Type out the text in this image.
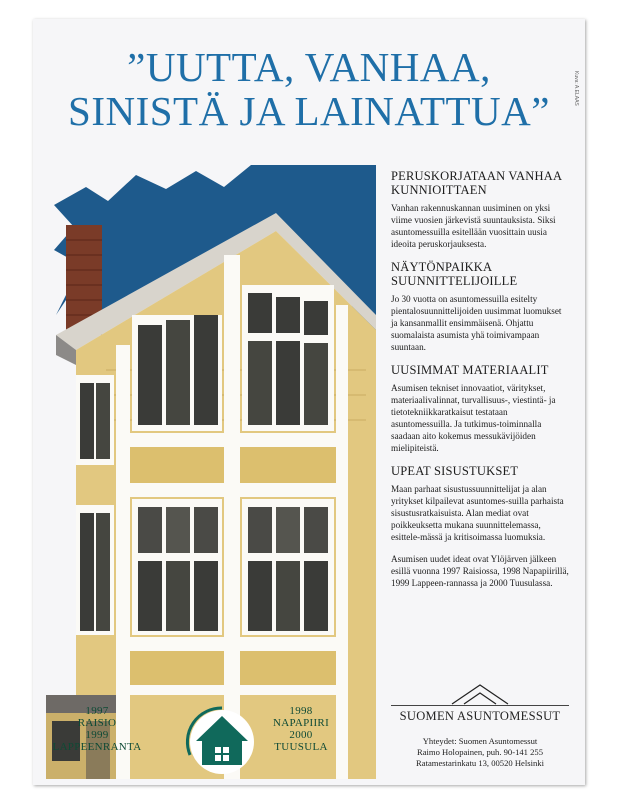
Kuva: A.ELAAS
”UUTTA, VANHAA,
SINISTÄ JA LAINATTUA”
1997
RAISIO
1999
LAPPEENRANTA
1998
NAPAPIIRI
2000
TUUSULA
PERUSKORJATAAN VANHAA KUNNIOITTAEN
Vanhan rakennuskannan uusiminen on yksi viime vuosien järkevistä suuntauksista. Siksi asuntomessuilla esitellään vuosittain uusia ideoita peruskorjauksesta.
NÄYTÖNPAIKKA SUUNNITTELIJOILLE
Jo 30 vuotta on asuntomessuilla esitelty pientalosuunnittelijoiden uusimmat luomukset ja kansanmallit ensimmäisenä. Ohjattu suomalaista asumista yhä toimivampaan suuntaan.
UUSIMMAT MATERIAALIT
Asumisen tekniset innovaatiot, väritykset, materiaalivalinnat, turvallisuus-, viestintä- ja tietotekniikkaratkaisut testataan asuntomessuilla. Ja tutkimus-toiminnalla saadaan aito kokemus messukävijöiden mielipiteistä.
UPEAT SISUSTUKSET
Maan parhaat sisustussuunnittelijat ja alan yritykset kilpailevat asuntomes-suilla parhaista sisustusratkaisuista. Alan mediat ovat poikkeuksetta mukana suunnittelemassa, esittele-mässä ja kritisoimassa luomuksia.
Asumisen uudet ideat ovat Ylöjärven jälkeen esillä vuonna 1997 Raisiossa, 1998 Napapiirillä, 1999 Lappeen-rannassa ja 2000 Tuusulassa.
SUOMEN ASUNTOMESSUT
Yhteydet: Suomen Asuntomessut
Raimo Holopainen, puh. 90-141 255
Ratamestarinkatu 13, 00520 Helsinki
